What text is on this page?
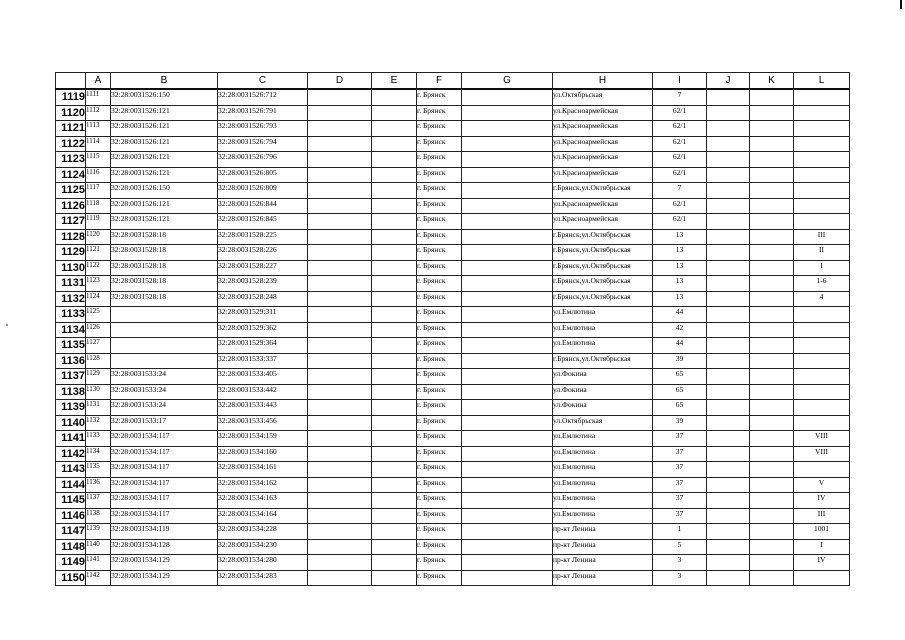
	A	B	C	D	E	F	G	H	I	J	K	L
1119	1111	32:28:0031526:150	32:28:0031526:712			г. Брянск		ул.Октябрьская	7			
1120	1112	32:28:0031526:121	32:28:0031526:791			г. Брянск		ул.Красноармейская	62/1			
1121	1113	32:28:0031526:121	32:28:0031526:793			г. Брянск		ул.Красноармейская	62/1			
1122	1114	32:28:0031526:121	32:28:0031526:794			г. Брянск		ул.Красноармейская	62/1			
1123	1115	32:28:0031526:121	32:28:0031526:796			г. Брянск		ул.Красноармейская	62/1			
1124	1116	32:28:0031526:121	32:28:0031526:805			г. Брянск		ул.Красноармейская	62/1			
1125	1117	32:28:0031526:150	32:28:0031526:809			г. Брянск		г.Брянск,ул.Октябрьская	7			
1126	1118	32:28:0031526:121	32:28:0031526:844			г. Брянск		ул.Красноармейская	62/1			
1127	1119	32:28:0031526:121	32:28:0031526:845			г. Брянск		ул.Красноармейская	62/1			
1128	1120	32:28:0031528:18	32:28:0031528:225			г. Брянск		г.Брянск,ул.Октябрьская	13			III
1129	1121	32:28:0031528:18	32:28:0031528:226			г. Брянск		г.Брянск,ул.Октябрьская	13			II
1130	1122	32:28:0031528:18	32:28:0031528:227			г. Брянск		г.Брянск,ул.Октябрьская	13			I
1131	1123	32:28:0031528:18	32:28:0031528:239			г. Брянск		г.Брянск,ул.Октябрьская	13			1-6
1132	1124	32:28:0031528:18	32:28:0031528:248			г. Брянск		г.Брянск,ул.Октябрьская	13			4
1133	1125		32:28:0031529:311			г. Брянск		ул.Емлютина	44			
1134	1126		32:28:0031529:362			г. Брянск		ул.Емлютина	42			
1135	1127		32:28:0031529:364			г. Брянск		ул.Емлютина	44			
1136	1128		32:28:0031533:337			г. Брянск		г.Брянск,ул.Октябрьская	39			
1137	1129	32:28:0031533:24	32:28:0031533:405			г. Брянск		ул.Фокина	65			
1138	1130	32:28:0031533:24	32:28:0031533:442			г. Брянск		ул.Фокина	65			
1139	1131	32:28:0031533:24	32:28:0031533:443			г. Брянск		ул.Фокина	65			
1140	1132	32:28:0031533:17	32:28:0031533:456			г. Брянск		ул.Октябрьская	39			
1141	1133	32:28:0031534:117	32:28:0031534:159			г. Брянск		ул.Емлютина	37			VIII
1142	1134	32:28:0031534:117	32:28:0031534:160			г. Брянск		ул.Емлютина	37			VIII
1143	1135	32:28:0031534:117	32:28:0031534:161			г. Брянск		ул.Емлютина	37			
1144	1136	32:28:0031534:117	32:28:0031534:162			г. Брянск		ул.Емлютина	37			V
1145	1137	32:28:0031534:117	32:28:0031534:163			г. Брянск		ул.Емлютина	37			IV
1146	1138	32:28:0031534:117	32:28:0031534:164			г. Брянск		ул.Емлютина	37			III
1147	1139	32:28:0031534:119	32:28:0031534:228			г. Брянск		пр-кт Ленина	1			1001
1148	1140	32:28:0031534:128	32:28:0031534:230			г. Брянск		пр-кт Ленина	5			I
1149	1141	32:28:0031534:129	32:28:0031534:280			г. Брянск		пр-кт Ленина	3			IV
1150	1142	32:28:0031534:129	32:28:0031534:283			г. Брянск		пр-кт Ленина	3			
